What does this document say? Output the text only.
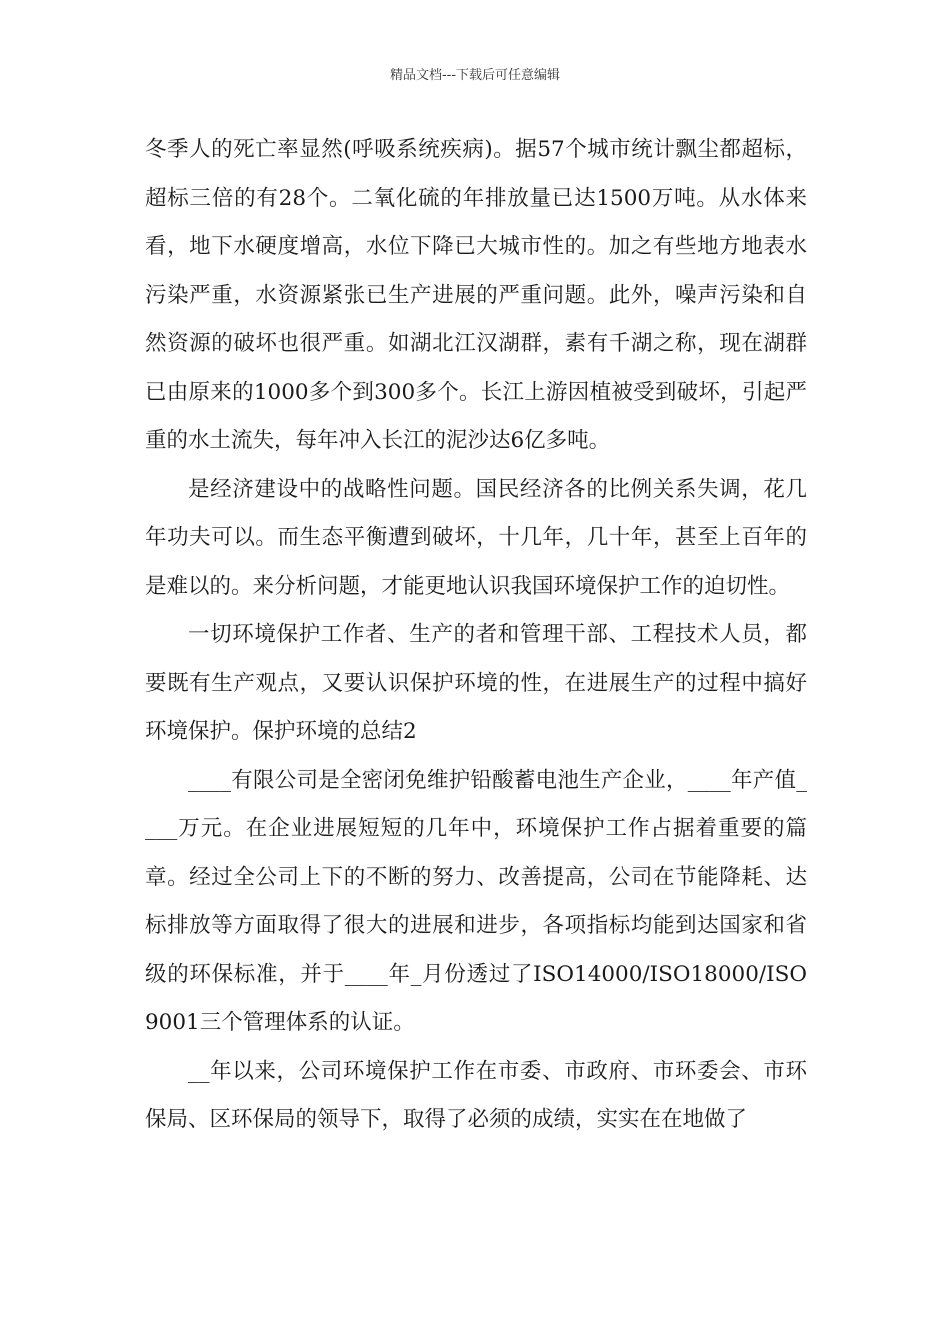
精品文档---下载后可任意编辑

冬季人的死亡率显然(呼吸系统疾病)。据57个城市统计飘尘都超标，超标三倍的有28个。二氧化硫的年排放量已达1500万吨。从水体来看，地下水硬度增高，水位下降已大城市性的。加之有些地方地表水污染严重，水资源紧张已生产进展的严重问题。此外，噪声污染和自然资源的破坏也很严重。如湖北江汉湖群，素有千湖之称，现在湖群已由原来的1000多个到300多个。长江上游因植被受到破坏，引起严重的水土流失，每年冲入长江的泥沙达6亿多吨。

是经济建设中的战略性问题。国民经济各的比例关系失调，花几年功夫可以。而生态平衡遭到破坏，十几年，几十年，甚至上百年的是难以的。来分析问题，才能更地认识我国环境保护工作的迫切性。

一切环境保护工作者、生产的者和管理干部、工程技术人员，都要既有生产观点，又要认识保护环境的性，在进展生产的过程中搞好环境保护。保护环境的总结2

____有限公司是全密闭免维护铅酸蓄电池生产企业，____年产值____万元。在企业进展短短的几年中，环境保护工作占据着重要的篇章。经过全公司上下的不断的努力、改善提高，公司在节能降耗、达标排放等方面取得了很大的进展和进步，各项指标均能到达国家和省级的环保标准，并于____年_月份透过了ISO14000/ISO18000/ISO9001三个管理体系的认证。

__年以来，公司环境保护工作在市委、市政府、市环委会、市环保局、区环保局的领导下，取得了必须的成绩，实实在在地做了
